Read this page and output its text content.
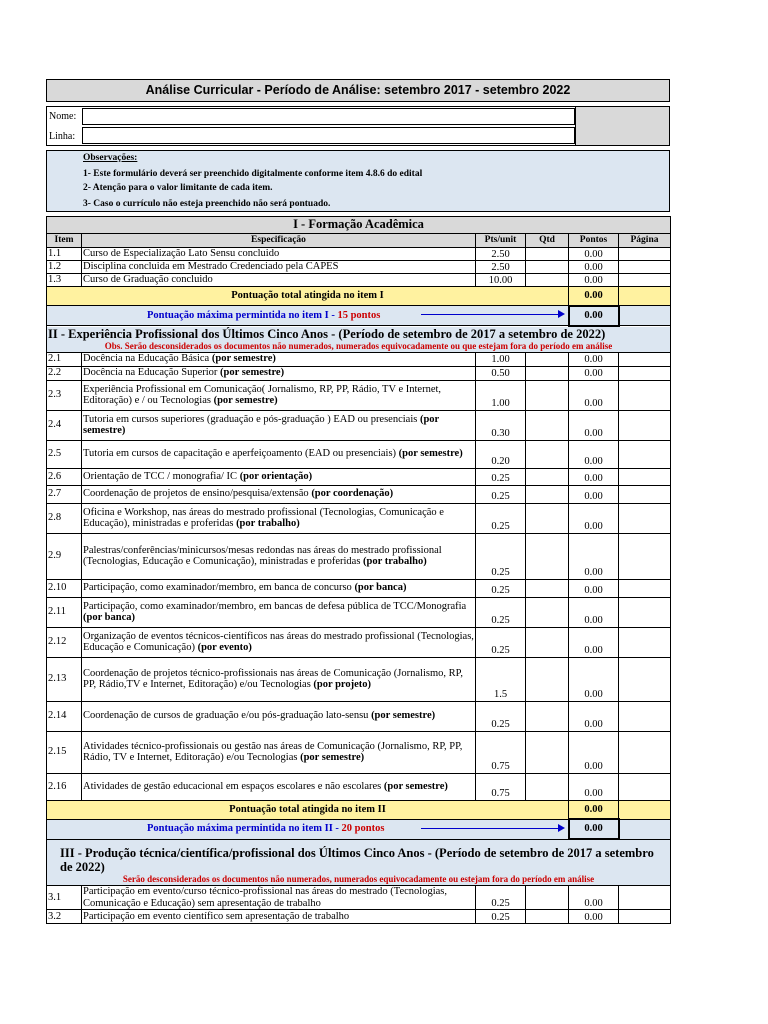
Análise Curricular - Período de Análise: setembro 2017 - setembro 2022
Nome:
Linha:
Observações:
1- Este formulário deverá ser preenchido digitalmente conforme item 4.8.6 do edital
2- Atenção para o valor limitante de cada item.
3- Caso o currículo não esteja preenchido não será pontuado.
I - Formação Acadêmica					
Item	Especificação	Pts/unit	Qtd	Pontos	Página
1.1	Curso de Especialização Lato Sensu concluido	2.50		0.00	
1.2	Disciplina concluida em Mestrado Credenciado pela CAPES	2.50		0.00	
1.3	Curso de Graduação concluido	10.00		0.00	
Pontuação total atingida no item I				0.00	
Pontuação máxima permintida no item I - 15 pontos				0.00	

II - Experiência Profissional dos Últimos Cinco Anos - (Período de setembro de 2017 a setembro de 2022)
Obs. Serão desconsiderados os documentos não numerados, numerados equivocadamente ou que estejam fora do período em análise					

2.1	Docência na Educação Básica (por semestre)	1.00		0.00	
2.2	Docência na Educação Superior (por semestre)	0.50		0.00	
2.3	Experiência Profissional em Comunicação( Jornalismo, RP, PP, Rádio, TV e Internet, Editoração) e / ou Tecnologias (por semestre)	1.00		0.00	
2.4	Tutoria em cursos superiores (graduação e pós-graduação ) EAD ou presenciais (por semestre)	0.30		0.00	
2.5	Tutoria em cursos de capacitação e aperfeiçoamento (EAD ou presenciais) (por semestre)	0.20		0.00	
2.6	Orientação de TCC / monografia/ IC (por orientação)	0.25		0.00	
2.7	Coordenação de projetos de ensino/pesquisa/extensão (por coordenação)	0.25		0.00	
2.8	Oficina e Workshop, nas áreas do mestrado profissional (Tecnologias, Comunicação e Educação), ministradas e proferidas (por trabalho)	0.25		0.00	
2.9	Palestras/conferências/minicursos/mesas redondas nas áreas do mestrado profissional (Tecnologias, Educação e Comunicação), ministradas e proferidas (por trabalho)	0.25		0.00	
2.10	Participação, como examinador/membro, em banca de concurso (por banca)	0.25		0.00	
2.11	Participação, como examinador/membro, em bancas de defesa pública de TCC/Monografia (por banca)	0.25		0.00	
2.12	Organização de eventos técnicos-científicos nas áreas do mestrado profissional (Tecnologias, Educação e Comunicação) (por evento)	0.25		0.00	
2.13	Coordenação de projetos técnico-profissionais nas áreas de Comunicação (Jornalismo, RP, PP, Rádio,TV e Internet, Editoração) e/ou Tecnologias (por projeto)	1.5		0.00	
2.14	Coordenação de cursos de graduação e/ou pós-graduação lato-sensu (por semestre)	0.25		0.00	
2.15	Atividades técnico-profissionais ou gestão nas áreas de Comunicação (Jornalismo, RP, PP, Rádio, TV e Internet, Editoração) e/ou Tecnologias (por semestre)	0.75		0.00	
2.16	Atividades de gestão educacional em espaços escolares e não escolares (por semestre)	0.75		0.00	
Pontuação total atingida no item II				0.00	
Pontuação máxima permintida no item II - 20 pontos				0.00	

III - Produção técnica/científica/profissional dos Últimos Cinco Anos - (Período de setembro de 2017 a setembro de 2022)
Serão desconsiderados os documentos não numerados, numerados equivocadamente ou estejam fora do período em análise					

3.1	Participação em evento/curso técnico-profissional nas áreas do mestrado (Tecnologias, Comunicação e Educação) sem apresentação de trabalho	0.25		0.00	
3.2	Participação em evento científico sem apresentação de trabalho	0.25		0.00	
